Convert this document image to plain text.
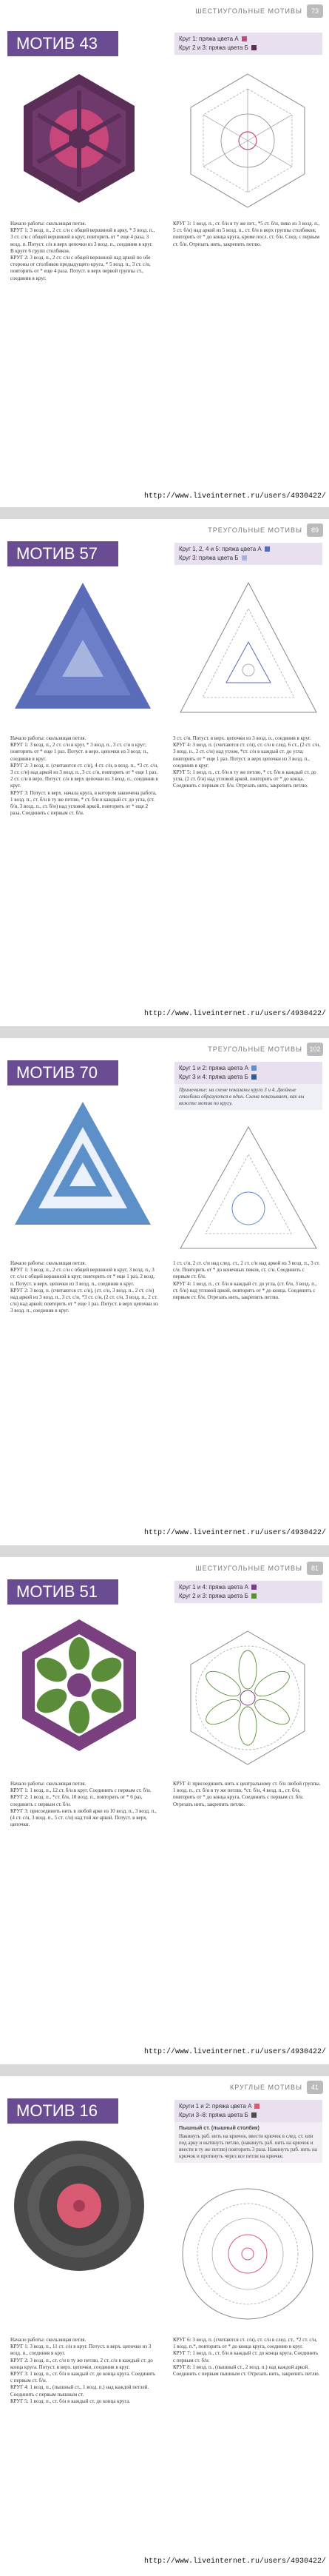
ШЕСТИУГОЛЬНЫЕ МОТИВЫ	73
МОТИВ 43	Круг 1: пряжа цвета А
Круг 2 и 3: пряжа цвета Б
Начало работы: скользящая петля.
КРУГ 1: 3 возд. п., 2 ст. с/н с общей вершиной в арку, * 3 возд. п., 3 ст. с/н с общей вершиной в круг, повторить от * еще 4 раза, 3 возд. п. Потуст. с/н в верх цепочки из 3 возд. п., соединив в круг.
В круге 6 групп столбиков.
КРУГ 2: 3 возд. п., 2 ст. с/н с общей вершиной над аркой по обе стороны от столбиков предыдущего круга, * 5 возд. п., 3 ст. с/н, повторить от * еще 4 раза. Потуст. в верх первой группы ст., соединив в круг.
КРУГ 3: 1 возд. п., ст. б/н в ту же пет., *5 ст. б/н, пико из 3 возд. п., 5 ст. б/н) над аркой из 5 возд. п., ст. б/н в верх группы столбиков; повторить от * до конца круга, кроме посл. ст. б/н. Соед. с первым ст. б/н. Отрезать нить, закрепить петлю.
http://www.liveinternet.ru/users/4930422/
ТРЕУГОЛЬНЫЕ МОТИВЫ	89
МОТИВ 57	Круг 1, 2, 4 и 5: пряжа цвета А
Круг 3: пряжа цвета Б
Начало работы: скользящая петля.
КРУГ 1: 3 возд. п., 2 ст. с/н в круг, * 3 возд. п., 3 ст. с/н в круг; повторить от * еще 1 раз. Потуст. в верх. цепочки из 3 возд. п., соединив в круг.
КРУГ 2: 3 возд. п. (считаются ст. с/н), 4 ст. с/н, в возд. п., *3 ст. с/н, 3 ст. с/н) над аркой из 3 возд. п., 3 ст. с/н, повторить от * еще 1 раз, 2 ст. с/н в верх. Потуст. с/н в верх цепочки из 3 возд. п., соединив в круг.
КРУГ 3: Потуст. в верх. начала круга, в котором закончена работа, 1 возд. п., ст. б/н в ту же петлю, * ст. б/н в каждый ст. до угла, (ст. б/н, 3 возд. п., ст. б/н) над угловой аркой, повторить от * еще 2 раза. Соединить с первым ст. б/н.
3 ст. с/н. Потуст. в верх. цепочки из 3 возд. п., соединив в круг.
КРУГ 4: 3 возд. п. (считаются ст. с/н), ст. с/н в след. 6 ст., (2 ст. с/н, 3 возд. п., 2 ст. с/н) над углом, *ст. с/н в каждый ст. до угла; повторить от * еще 1 раз. Потуст. в верх цепочки из 3 возд. п., соединив в круг.
КРУГ 5: 1 возд. п., ст. б/н в ту же петлю, * ст. б/н в каждый ст. до угла, (2 ст. б/н) над угловой аркой, повторить от * до конца. Соединить с первым ст. б/н. Отрезать нить, закрепить петлю.
http://www.liveinternet.ru/users/4930422/
ТРЕУГОЛЬНЫЕ МОТИВЫ	102
МОТИВ 70	Круг 1 и 2: пряжа цвета А
Круг 3 и 4: пряжа цвета Б
Примечание: на схеме показаны круги 3 и 4. Двойные столбики образуются в один. Схема показывает, как вы вяжете мотив по кругу.
Начало работы: скользящая петля.
КРУГ 1: 3 возд. п., 2 ст. с/н с общей вершиной в круг, 3 возд. п., 3 ст. с/н с общей вершиной в круг, повторить от * еще 1 раз, 2 возд. п. Потуст. в верх. цепочки из 3 возд. п., соединив в круг.
КРУГ 2: 3 возд. п. (считаются ст. с/н), (ст. с/н, 3 возд. п., 2 ст. с/н) над аркой из 3 возд. п., 3 ст. с/н, *3 ст. с/н, (2 ст. с/н, 3 возд. п., 2 ст. с/н) над аркой; повторить от * еще 1 раз. Потуст. в верх цепочки из 3 возд. п., соединив в круг.
1 ст. с/н, 2 ст. с/н над след. ст., 2 ст. с/н над аркой из 3 возд. п., 3 ст. с/н. Повторить от * до конечных пиков, ст. с/н. Соединить с первым ст. б/н.
КРУГ 4: 1 возд. п., ст. б/н в каждый ст. до угла, (ст. б/н, 3 возд. п., ст. б/н) над угловой аркой, повторить от * до конца. Соединить с первым ст. б/н. Отрезать нить, закрепить петлю.
http://www.liveinternet.ru/users/4930422/
ШЕСТИУГОЛЬНЫЕ МОТИВЫ	81
МОТИВ 51	Круг 1 и 4: пряжа цвета А
Круг 2 и 3: пряжа цвета Б
Начало работы: скользящая петля.
КРУГ 1: 1 возд. п., 12 ст. б/н в круг. Соединить с первым ст. б/н.
КРУГ 2: 1 возд. п., *ст. б/н, 10 возд. п., повторить от * 6 раз, соединить с первым ст. б/н.
КРУГ 3: присоединить нить в любой арке из 10 возд. п., 3 возд. п., (4 ст. с/н, 3 возд. п., 5 ст. с/н) над той же аркой. Потуст. в верх. цепочки.
КРУГ 4: присоединить нить к центральному ст. б/н любой группы. 1 возд. п., ст. б/н в ту же петлю, *ст. б/н, 4 возд. п., ст. б/н, повторить от * до конца круга. Соединить с первым ст. б/н. Отрезать нить, закрепить петлю.
http://www.liveinternet.ru/users/4930422/
КРУГЛЫЕ МОТИВЫ	41
МОТИВ 16	Круги 1 и 2: пряжа цвета А
Круги 3–8: пряжа цвета Б
Пышный ст. (пышный столбик)
Накинуть раб. нить на крючок, ввести крючок в след. ст. или под арку и вытянуть петлю, (накинуть раб. нить на крючок и ввести в ту же петлю) повторить 3 раза. Накинуть раб. нить на крючок и протянуть через все петли на крючке.
Начало работы: скользящая петля.
КРУГ 1: 3 возд. п., 11 ст. с/н в круг. Потуст. в верх. цепочки из 3 возд. п., соединив в круг.
КРУГ 2: 3 возд. п., ст. с/н в ту же петлю, 2 ст. с/н в каждый ст. до конца круга. Потуст. в верх. цепочки, соединив в круг.
КРУГ 3: 1 возд. п., ст. б/н в каждый ст. до конца круга. Соединить с первым ст. б/н.
КРУГ 4: 1 возд. п., (пышный ст., 1 возд. п.) над каждой петлей. Соединить с первым пышным ст.
КРУГ 5: 1 возд. п., ст. б/н в каждый ст. до конца круга.
КРУГ 6: 3 возд. п. (считаются ст. с/н), ст. с/н в след. ст., *2 ст. с/н, 1 возд. п.*, повторить от * до конца круга, соединив в круг.
КРУГ 7: 1 возд. п., ст. б/н в каждый ст. до конца круга. Соединить с первым ст. б/н.
КРУГ 8: 1 возд. п., (пышный ст., 2 возд. п.) над каждой аркой. Соединить с первым пышным ст. Отрезать нить, закрепить петлю.
http://www.liveinternet.ru/users/4930422/
